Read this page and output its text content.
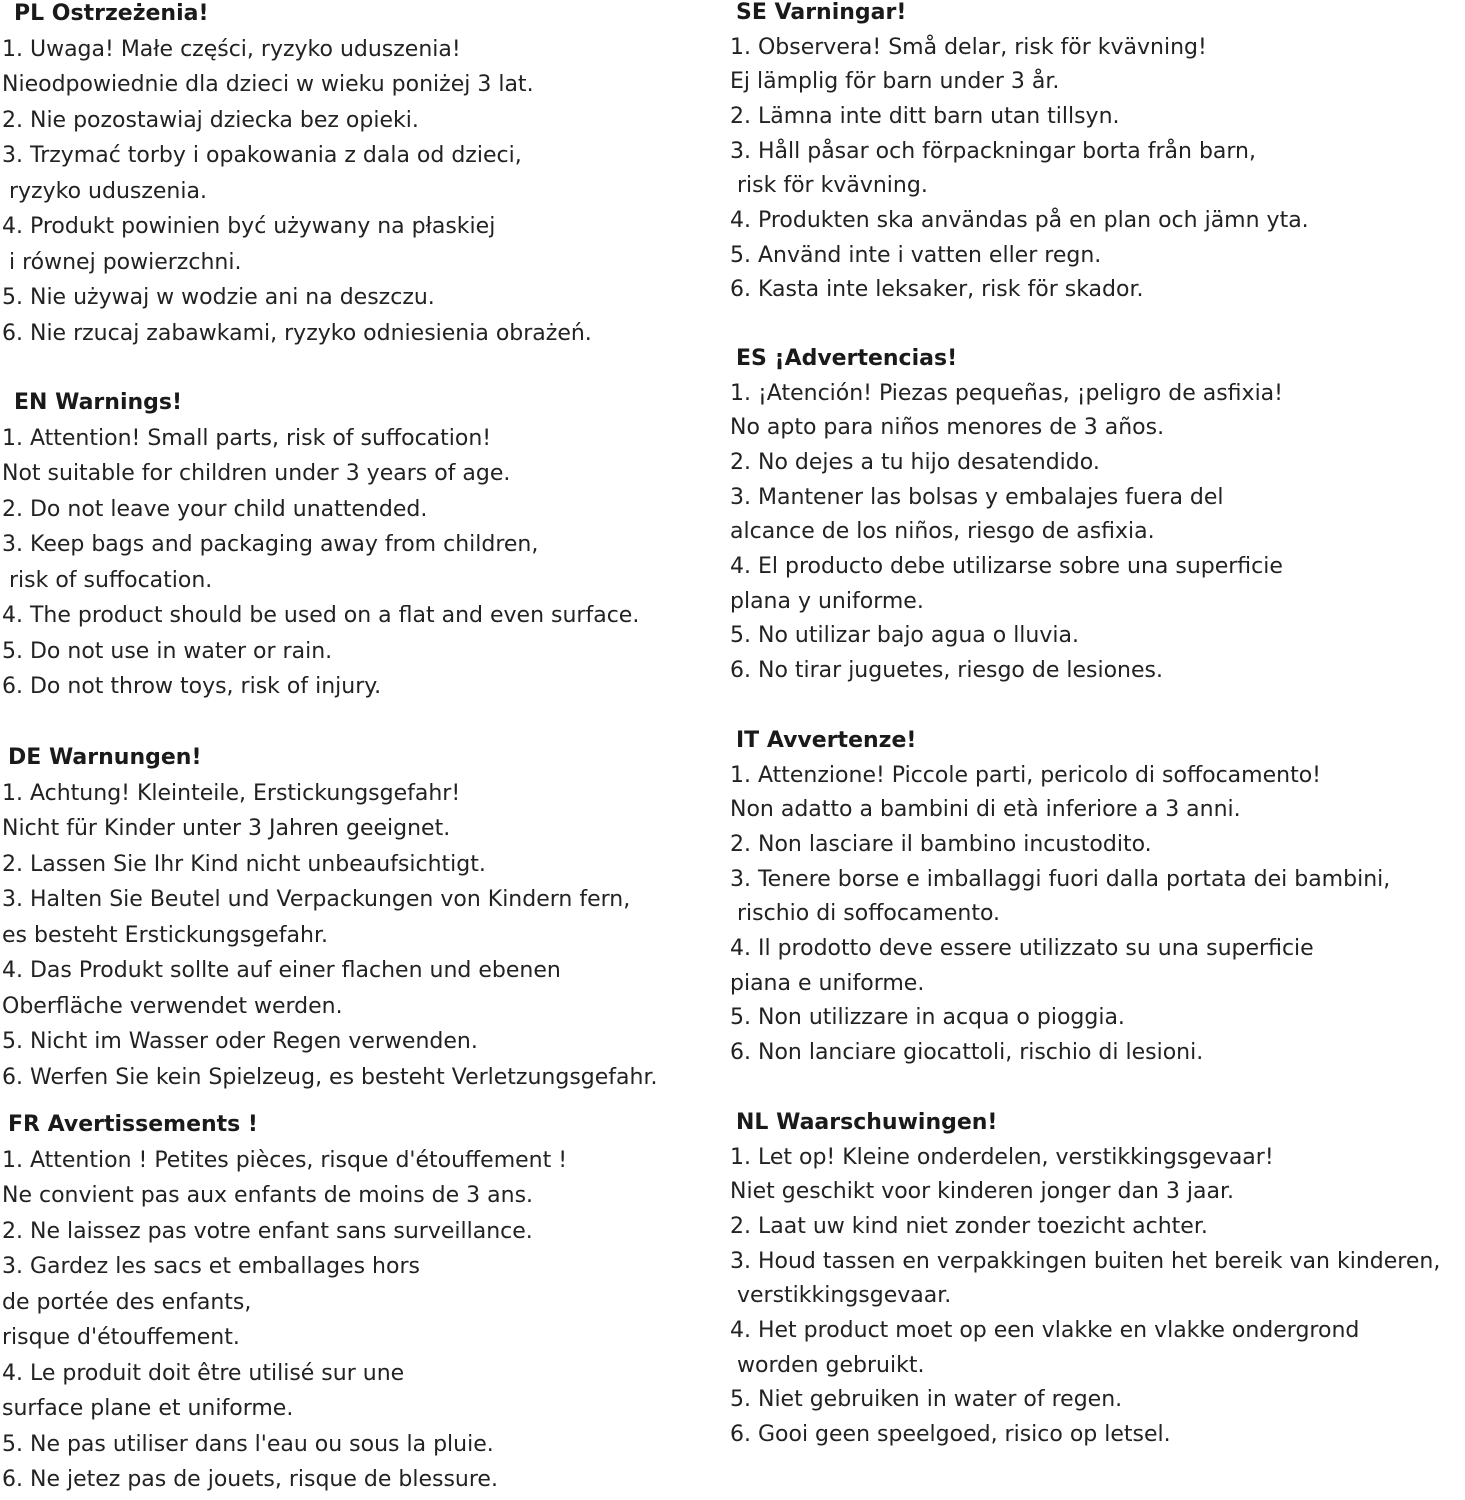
PL Ostrzeżenia!
1. Uwaga! Małe części, ryzyko uduszenia!
Nieodpowiednie dla dzieci w wieku poniżej 3 lat.
2. Nie pozostawiaj dziecka bez opieki.
3. Trzymać torby i opakowania z dala od dzieci,
ryzyko uduszenia.
4. Produkt powinien być używany na płaskiej
i równej powierzchni.
5. Nie używaj w wodzie ani na deszczu.
6. Nie rzucaj zabawkami, ryzyko odniesienia obrażeń.
EN Warnings!
1. Attention! Small parts, risk of suffocation!
Not suitable for children under 3 years of age.
2. Do not leave your child unattended.
3. Keep bags and packaging away from children,
risk of suffocation.
4. The product should be used on a flat and even surface.
5. Do not use in water or rain.
6. Do not throw toys, risk of injury.
DE Warnungen!
1. Achtung! Kleinteile, Erstickungsgefahr!
Nicht für Kinder unter 3 Jahren geeignet.
2. Lassen Sie Ihr Kind nicht unbeaufsichtigt.
3. Halten Sie Beutel und Verpackungen von Kindern fern,
es besteht Erstickungsgefahr.
4. Das Produkt sollte auf einer flachen und ebenen
Oberfläche verwendet werden.
5. Nicht im Wasser oder Regen verwenden.
6. Werfen Sie kein Spielzeug, es besteht Verletzungsgefahr.
FR Avertissements !
1. Attention ! Petites pièces, risque d'étouffement !
Ne convient pas aux enfants de moins de 3 ans.
2. Ne laissez pas votre enfant sans surveillance.
3. Gardez les sacs et emballages hors
de portée des enfants,
risque d'étouffement.
4. Le produit doit être utilisé sur une
surface plane et uniforme.
5. Ne pas utiliser dans l'eau ou sous la pluie.
6. Ne jetez pas de jouets, risque de blessure.
SE Varningar!
1. Observera! Små delar, risk för kvävning!
Ej lämplig för barn under 3 år.
2. Lämna inte ditt barn utan tillsyn.
3. Håll påsar och förpackningar borta från barn,
risk för kvävning.
4. Produkten ska användas på en plan och jämn yta.
5. Använd inte i vatten eller regn.
6. Kasta inte leksaker, risk för skador.
ES ¡Advertencias!
1. ¡Atención! Piezas pequeñas, ¡peligro de asfixia!
No apto para niños menores de 3 años.
2. No dejes a tu hijo desatendido.
3. Mantener las bolsas y embalajes fuera del
alcance de los niños, riesgo de asfixia.
4. El producto debe utilizarse sobre una superficie
plana y uniforme.
5. No utilizar bajo agua o lluvia.
6. No tirar juguetes, riesgo de lesiones.
IT Avvertenze!
1. Attenzione! Piccole parti, pericolo di soffocamento!
Non adatto a bambini di età inferiore a 3 anni.
2. Non lasciare il bambino incustodito.
3. Tenere borse e imballaggi fuori dalla portata dei bambini,
rischio di soffocamento.
4. Il prodotto deve essere utilizzato su una superficie
piana e uniforme.
5. Non utilizzare in acqua o pioggia.
6. Non lanciare giocattoli, rischio di lesioni.
NL Waarschuwingen!
1. Let op! Kleine onderdelen, verstikkingsgevaar!
Niet geschikt voor kinderen jonger dan 3 jaar.
2. Laat uw kind niet zonder toezicht achter.
3. Houd tassen en verpakkingen buiten het bereik van kinderen,
verstikkingsgevaar.
4. Het product moet op een vlakke en vlakke ondergrond
worden gebruikt.
5. Niet gebruiken in water of regen.
6. Gooi geen speelgoed, risico op letsel.
